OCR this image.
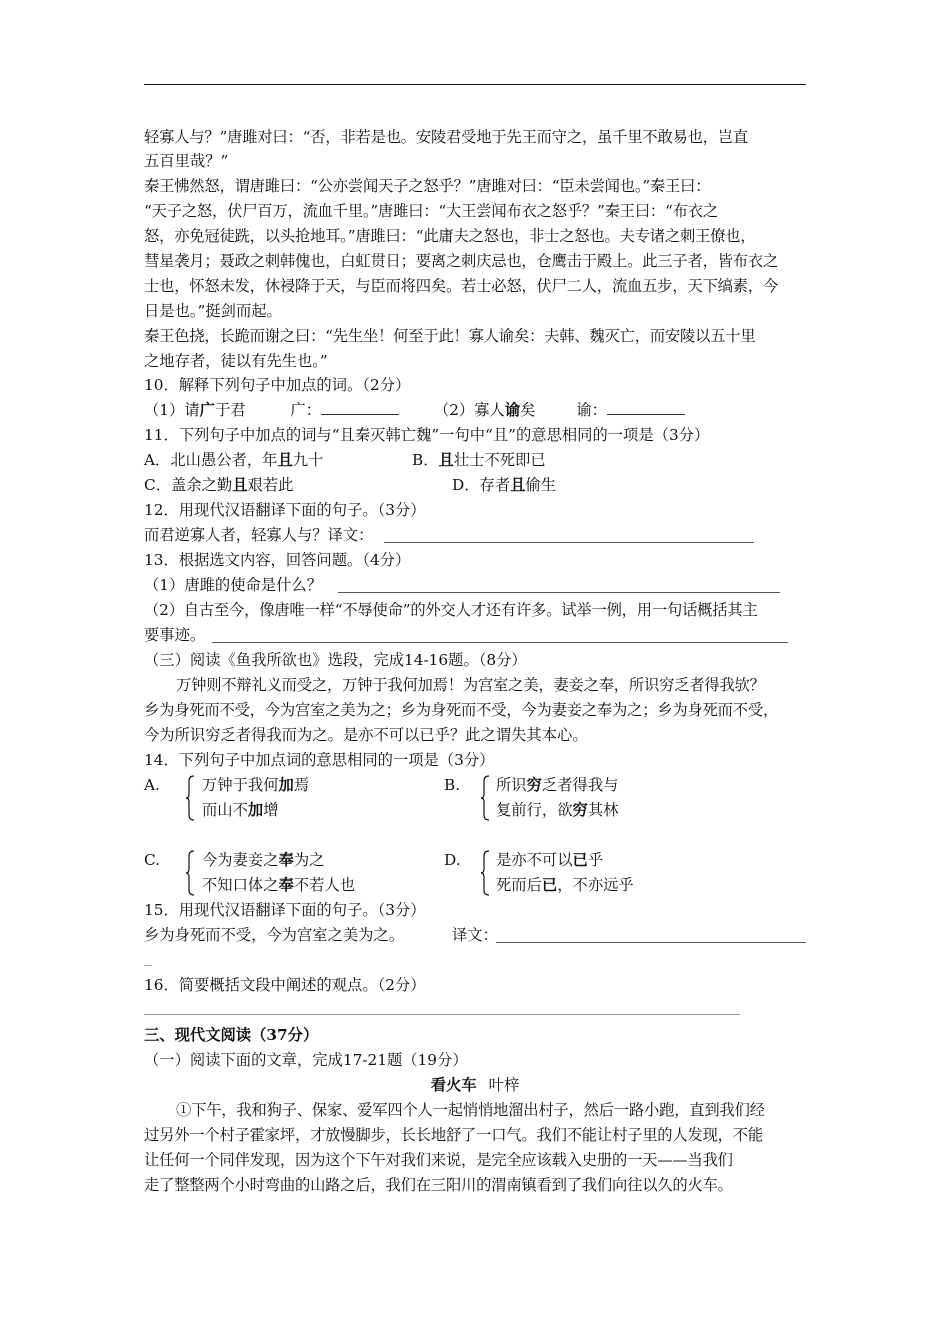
轻寡人与？”唐雎对曰：“否，非若是也。安陵君受地于先王而守之，虽千里不敢易也，岂直
五百里哉？”
秦王怫然怒，谓唐雎曰：“公亦尝闻天子之怒乎？”唐雎对曰：“臣未尝闻也。”秦王曰：
“天子之怒，伏尸百万，流血千里。”唐雎曰：“大王尝闻布衣之怒乎？”秦王曰：“布衣之
怒，亦免冠徒跣，以头抢地耳。”唐雎曰：“此庸夫之怒也，非士之怒也。夫专诸之刺王僚也，
彗星袭月；聂政之刺韩傀也，白虹贯日；要离之刺庆忌也，仓鹰击于殿上。此三子者，皆布衣之
士也，怀怒未发，休祲降于天，与臣而将四矣。若士必怒，伏尸二人，流血五步，天下缟素，今
日是也。”挺剑而起。
秦王色挠，长跪而谢之曰：“先生坐！何至于此！寡人谕矣：夫韩、魏灭亡，而安陵以五十里
之地存者，徒以有先生也。”
10．解释下列句子中加点的词。（2分）
（1）请广于君	广：	（2）寡人谕矣	谕：
11．下列句子中加点的词与“且秦灭韩亡魏”一句中“且”的意思相同的一项是（3分）
A．北山愚公者，年且九十	B．且壮士不死即已
C．盖余之勤且艰若此	D．存者且偷生
12．用现代汉语翻译下面的句子。（3分）
而君逆寡人者，轻寡人与？译文：
13．根据选文内容，回答问题。（4分）
（1）唐雎的使命是什么？
（2）自古至今，像唐唯一样“不辱使命”的外交人才还有许多。试举一例，用一句话概括其主
要事迹。
（三）阅读《鱼我所欲也》选段，完成14-16题。（8分）
万钟则不辩礼义而受之，万钟于我何加焉！为宫室之美，妻妾之奉，所识穷乏者得我欤？
乡为身死而不受，今为宫室之美为之；乡为身死而不受，今为妻妾之奉为之；乡为身死而不受，
今为所识穷乏者得我而为之。是亦不可以已乎？此之谓失其本心。
14．下列句子中加点词的意思相同的一项是（3分）
A.	万钟于我何加焉
而山不加增
B. 所识穷乏者得我与
复前行，欲穷其林
C.	今为妻妾之奉为之
不知口体之奉不若人也
D. 是亦不可以已乎
死而后已，不亦远乎
15．用现代汉语翻译下面的句子。（3分）
乡为身死而不受，今为宫室之美为之。	译文：
_
16．简要概括文段中阐述的观点。（2分）
三、现代文阅读（37分）
（一）阅读下面的文章，完成17-21题（19分）
看火车 叶梓
①下午，我和狗子、保家、爱军四个人一起悄悄地溜出村子，然后一路小跑，直到我们经
过另外一个村子霍家坪，才放慢脚步，长长地舒了一口气。我们不能让村子里的人发现，不能
让任何一个同伴发现，因为这个下午对我们来说，是完全应该载入史册的一天——当我们
走了整整两个小时弯曲的山路之后，我们在三阳川的渭南镇看到了我们向往以久的火车。
